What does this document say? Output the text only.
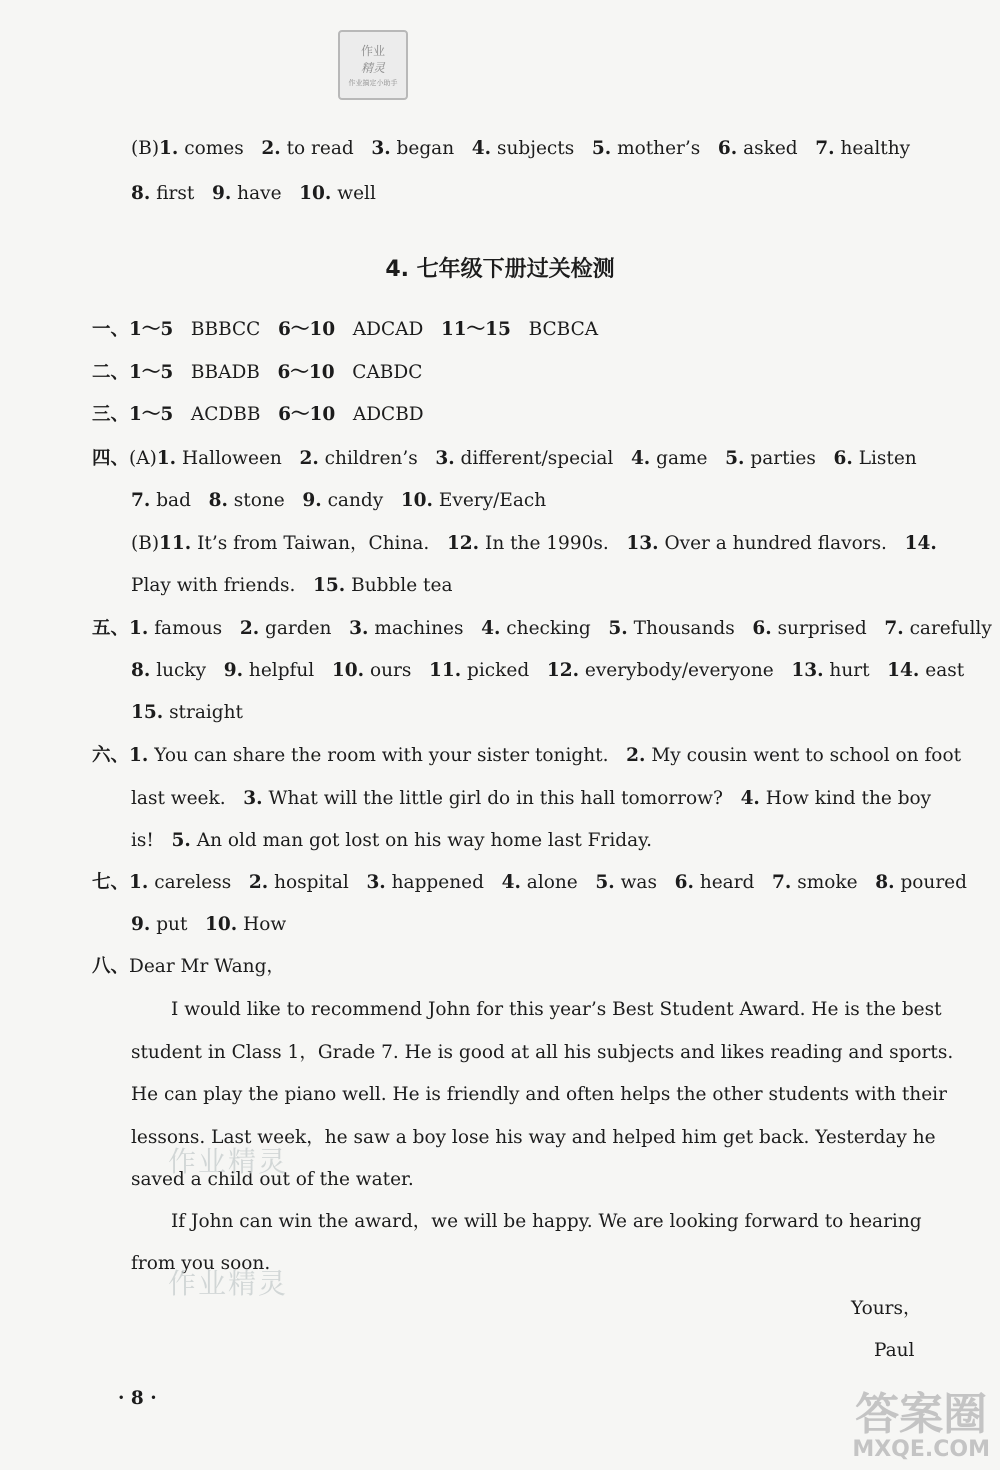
作业
精灵
作业搞定小助手
4. 七年级下册过关检测
(B)1. comes   2. to read   3. began   4. subjects   5. mother’s   6. asked   7. healthy
8. first   9. have   10. well
一、1～5   BBBCC   6～10   ADCAD   11～15   BCBCA
二、1～5   BBADB   6～10   CABDC
三、1～5   ACDBB   6～10   ADCBD
四、(A)1. Halloween   2. children’s   3. different/special   4. game   5. parties   6. Listen
7. bad   8. stone   9. candy   10. Every/Each
(B)11. It’s from Taiwan，China.   12. In the 1990s.   13. Over a hundred flavors.   14.
Play with friends.   15. Bubble tea
五、1. famous   2. garden   3. machines   4. checking   5. Thousands   6. surprised   7. carefully
8. lucky   9. helpful   10. ours   11. picked   12. everybody/everyone   13. hurt   14. east
15. straight
六、1. You can share the room with your sister tonight.   2. My cousin went to school on foot
last week.   3. What will the little girl do in this hall tomorrow?   4. How kind the boy
is!   5. An old man got lost on his way home last Friday.
七、1. careless   2. hospital   3. happened   4. alone   5. was   6. heard   7. smoke   8. poured
9. put   10. How
八、Dear Mr Wang，
I would like to recommend John for this year’s Best Student Award. He is the best
student in Class 1，Grade 7. He is good at all his subjects and likes reading and sports.
He can play the piano well. He is friendly and often helps the other students with their
lessons. Last week，he saw a boy lose his way and helped him get back. Yesterday he
saved a child out of the water.
If John can win the award，we will be happy. We are looking forward to hearing
from you soon.
Yours，
Paul
· 8 ·
作业精灵
作业精灵
答案圈
MXQE.COM
